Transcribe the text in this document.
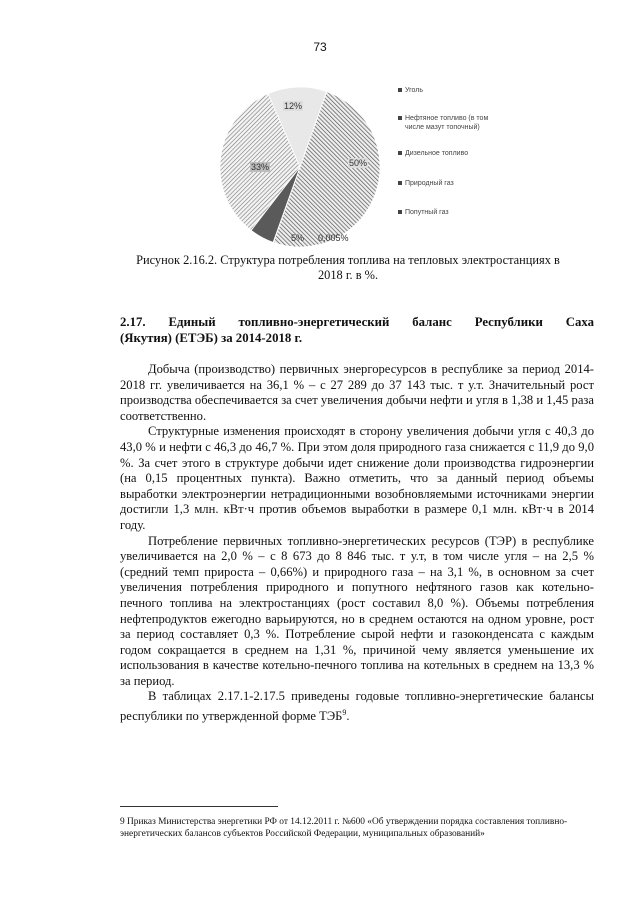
73
33%
12%
50%
5% 0,005%
Уголь
Нефтяное топливо (в том
числе мазут топочный)
Дизельное топливо
Природный газ
Попутный газ
Рисунок 2.16.2. Структура потребления топлива на тепловых электростанциях в
2018 г. в %.
2.17. Единый топливно-энергетический баланс Республики Саха
(Якутия) (ЕТЭБ) за 2014-2018 г.

Добыча (производство) первичных энергоресурсов в республике за период 2014-2018 гг. увеличивается на 36,1 % – с 27 289 до 37 143 тыс. т у.т. Значительный рост производства обеспечивается за счет увеличения добычи нефти и угля в 1,38 и 1,45 раза соответственно.

Структурные изменения происходят в сторону увеличения добычи угля с 40,3 до 43,0 % и нефти с 46,3 до 46,7 %. При этом доля природного газа снижается с 11,9 до 9,0 %. За счет этого в структуре добычи идет снижение доли производства гидроэнергии (на 0,15 процентных пункта). Важно отметить, что за данный период объемы выработки электроэнергии нетрадиционными возобновляемыми источниками энергии достигли 1,3 млн. кВт·ч против объемов выработки в размере 0,1 млн. кВт·ч в 2014 году.

Потребление первичных топливно-энергетических ресурсов (ТЭР) в республике увеличивается на 2,0 % – с 8 673 до 8 846 тыс. т у.т, в том числе угля – на 2,5 % (средний темп прироста – 0,66%) и природного газа – на 3,1 %, в основном за счет увеличения потребления природного и попутного нефтяного газов как котельно-печного топлива на электростанциях (рост составил 8,0 %). Объемы потребления нефтепродуктов ежегодно варьируются, но в среднем остаются на одном уровне, рост за период составляет 0,3 %. Потребление сырой нефти и газоконденсата с каждым годом сокращается в среднем на 1,31 %, причиной чему является уменьшение их использования в качестве котельно-печного топлива на котельных в среднем на 13,3 % за период.

В таблицах 2.17.1-2.17.5 приведены годовые топливно-энергетические балансы республики по утвержденной форме ТЭБ$^9$.

9 Приказ Министерства энергетики РФ от 14.12.2011 г. №600 «Об утверждении порядка составления топливно-энергетических балансов субъектов Российской Федерации, муниципальных образований»
